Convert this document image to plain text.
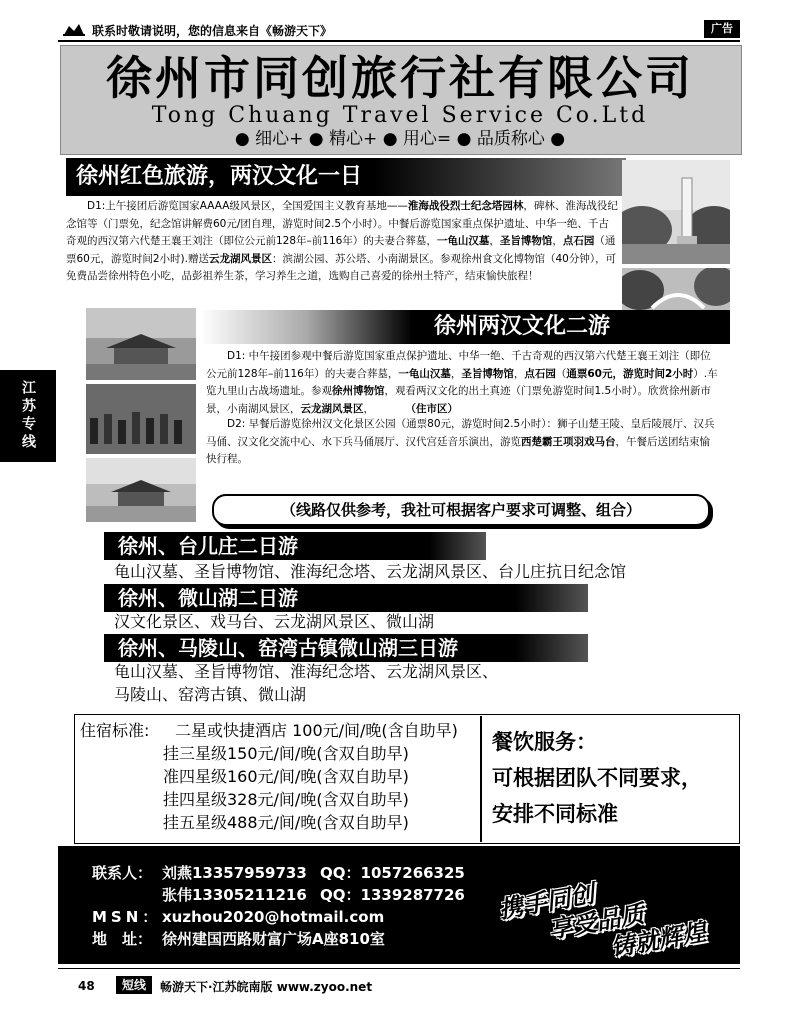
联系时敬请说明，您的信息来自《畅游天下》	广告
江苏专线
徐州市同创旅行社有限公司
Tong Chuang Travel Service Co.Ltd
● 细心+ ● 精心+ ● 用心= ● 品质称心 ●
徐州红色旅游，两汉文化一日
D1:上午接团后游览国家AAAA级风景区，全国爱国主义教育基地——淮海战役烈士纪念塔园林，碑林、淮海战役纪念馆等（门票免，纪念馆讲解费60元/团自理，游览时间2.5个小时）。中餐后游览国家重点保护遗址、中华一绝、千古奇观的西汉第六代楚王襄王刘注（即位公元前128年–前116年）的夫妻合葬墓，一龟山汉墓，圣旨博物馆，点石园（通票60元，游览时间2小时).赠送云龙湖风景区：滨湖公园、苏公塔、小南湖景区。参观徐州食文化博物馆（40分钟），可免费品尝徐州特色小吃，品彭祖养生茶，学习养生之道，选购自己喜爱的徐州土特产，结束愉快旅程！
徐州两汉文化二游
D1: 中午接团参观中餐后游览国家重点保护遗址、中华一绝、千古奇观的西汉第六代楚王襄王刘注（即位公元前128年–前116年）的夫妻合葬墓，一龟山汉墓，圣旨博物馆，点石园（通票60元，游览时间2小时）.车览九里山古战场遗址。参观徐州博物馆，观看两汉文化的出土真迹（门票免游览时间1.5小时）。欣赏徐州新市景，小南湖风景区，云龙湖风景区，　　　　	（住市区）
D2: 早餐后游览徐州汉文化景区公园（通票80元，游览时间2.5小时）：狮子山楚王陵、皇后陵展厅、汉兵马俑、汉文化交流中心、水下兵马俑展厅、汉代宫廷音乐演出，游览西楚霸王项羽戏马台，午餐后送团结束愉快行程。
（线路仅供参考，我社可根据客户要求可调整、组合）
徐州、台儿庄二日游
龟山汉墓、圣旨博物馆、淮海纪念塔、云龙湖风景区、台儿庄抗日纪念馆
徐州、微山湖二日游
汉文化景区、戏马台、云龙湖风景区、微山湖
徐州、马陵山、窑湾古镇微山湖三日游
龟山汉墓、圣旨博物馆、淮海纪念塔、云龙湖风景区、
马陵山、窑湾古镇、微山湖
住宿标准: 二星或快捷酒店 100元/间/晚(含自助早)
挂三星级150元/间/晚(含双自助早)
准四星级160元/间/晚(含双自助早)
挂四星级328元/间/晚(含双自助早)
挂五星级488元/间/晚(含双自助早)
餐饮服务：
可根据团队不同要求，
安排不同标准
联系人： 刘燕13357959733 QQ：1057266325
张伟13305211216 QQ：1339287726
MSN： xuzhou2020@hotmail.com
地　址： 徐州建国西路财富广场A座810室
携手同创
享受品质
铸就辉煌
48	短线	畅游天下·江苏皖南版 www.zyoo.net
